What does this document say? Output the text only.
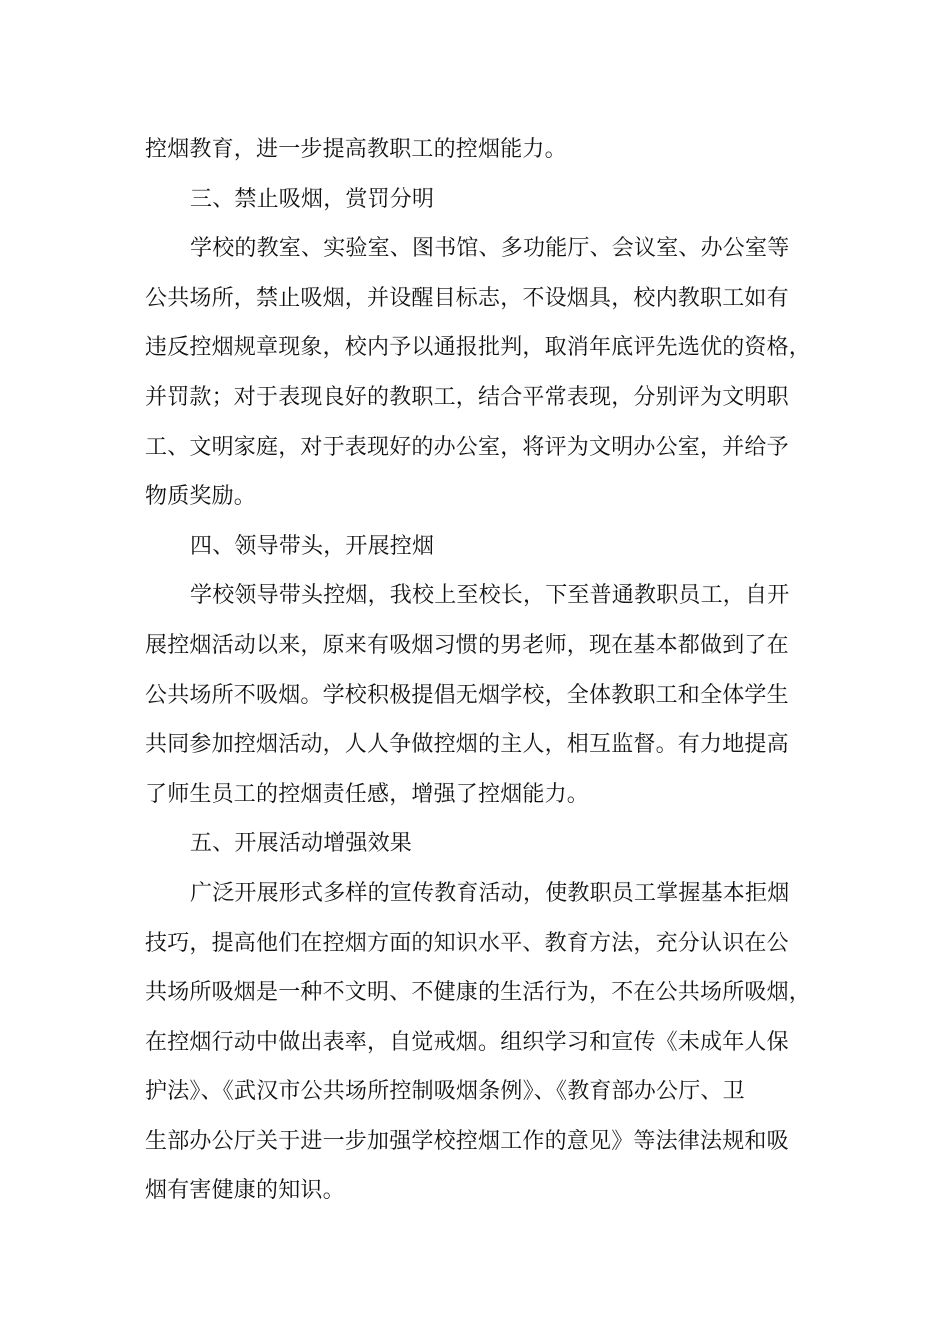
控烟教育，进一步提高教职工的控烟能力。
三、禁止吸烟，赏罚分明
学校的教室、实验室、图书馆、多功能厅、会议室、办公室等
公共场所，禁止吸烟，并设醒目标志，不设烟具，校内教职工如有
违反控烟规章现象，校内予以通报批判，取消年底评先选优的资格，
并罚款；对于表现良好的教职工，结合平常表现，分别评为文明职
工、文明家庭，对于表现好的办公室，将评为文明办公室，并给予
物质奖励。
四、领导带头，开展控烟
学校领导带头控烟，我校上至校长，下至普通教职员工，自开
展控烟活动以来，原来有吸烟习惯的男老师，现在基本都做到了在
公共场所不吸烟。学校积极提倡无烟学校，全体教职工和全体学生
共同参加控烟活动，人人争做控烟的主人，相互监督。有力地提高
了师生员工的控烟责任感，增强了控烟能力。
五、开展活动增强效果
广泛开展形式多样的宣传教育活动，使教职员工掌握基本拒烟
技巧，提高他们在控烟方面的知识水平、教育方法，充分认识在公
共场所吸烟是一种不文明、不健康的生活行为，不在公共场所吸烟，
在控烟行动中做出表率，自觉戒烟。组织学习和宣传《未成年人保
护法》、《武汉市公共场所控制吸烟条例》、《教育部办公厅、卫
生部办公厅关于进一步加强学校控烟工作的意见》等法律法规和吸
烟有害健康的知识。
